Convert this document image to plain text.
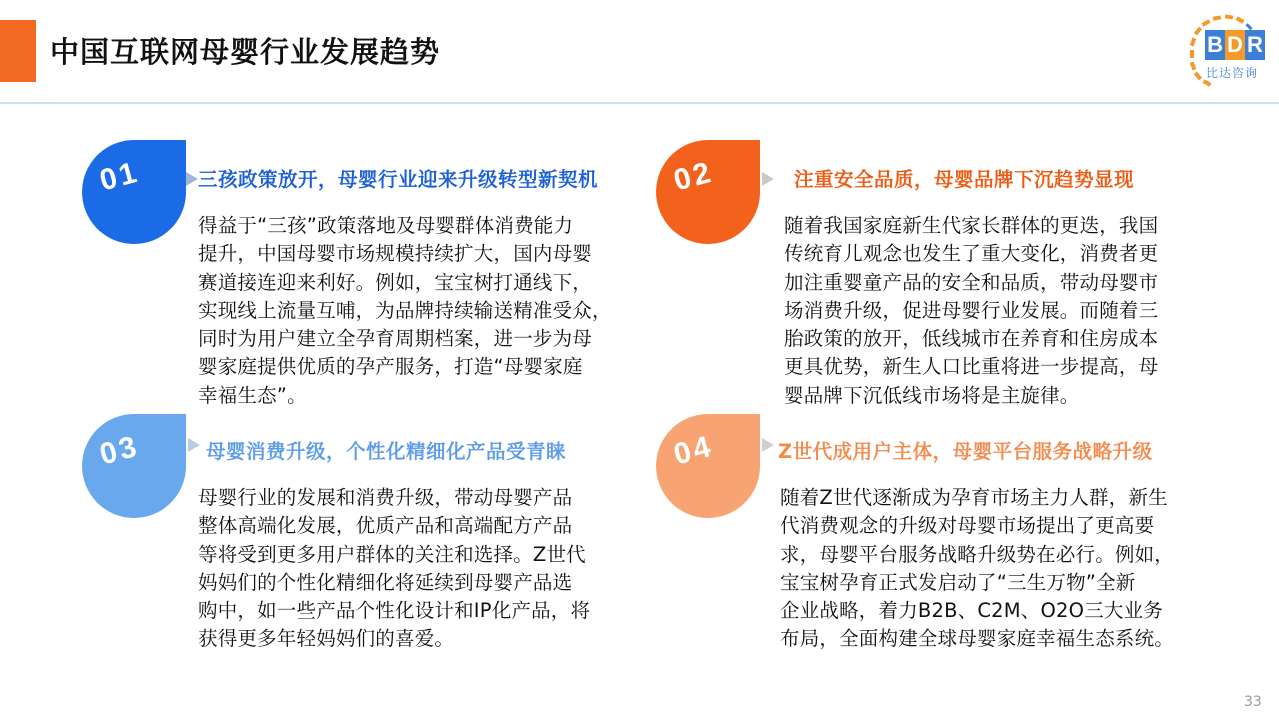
中国互联网母婴行业发展趋势	B D R
比达咨询
01	三孩政策放开，母婴行业迎来升级转型新契机
得益于“三孩”政策落地及母婴群体消费能力
提升，中国母婴市场规模持续扩大，国内母婴
赛道接连迎来利好。例如，宝宝树打通线下，
实现线上流量互哺，为品牌持续输送精准受众，
同时为用户建立全孕育周期档案，进一步为母
婴家庭提供优质的孕产服务，打造“母婴家庭
幸福生态”。
02	注重安全品质，母婴品牌下沉趋势显现
随着我国家庭新生代家长群体的更迭，我国
传统育儿观念也发生了重大变化，消费者更
加注重婴童产品的安全和品质，带动母婴市
场消费升级，促进母婴行业发展。而随着三
胎政策的放开，低线城市在养育和住房成本
更具优势，新生人口比重将进一步提高，母
婴品牌下沉低线市场将是主旋律。
03	母婴消费升级，个性化精细化产品受青睐
母婴行业的发展和消费升级，带动母婴产品
整体高端化发展，优质产品和高端配方产品
等将受到更多用户群体的关注和选择。Z世代
妈妈们的个性化精细化将延续到母婴产品选
购中，如一些产品个性化设计和IP化产品，将
获得更多年轻妈妈们的喜爱。
04	Z世代成用户主体，母婴平台服务战略升级
随着Z世代逐渐成为孕育市场主力人群，新生
代消费观念的升级对母婴市场提出了更高要
求，母婴平台服务战略升级势在必行。例如，
宝宝树孕育正式发启动了“三生万物”全新
企业战略，着力B2B、C2M、O2O三大业务
布局，全面构建全球母婴家庭幸福生态系统。
33
